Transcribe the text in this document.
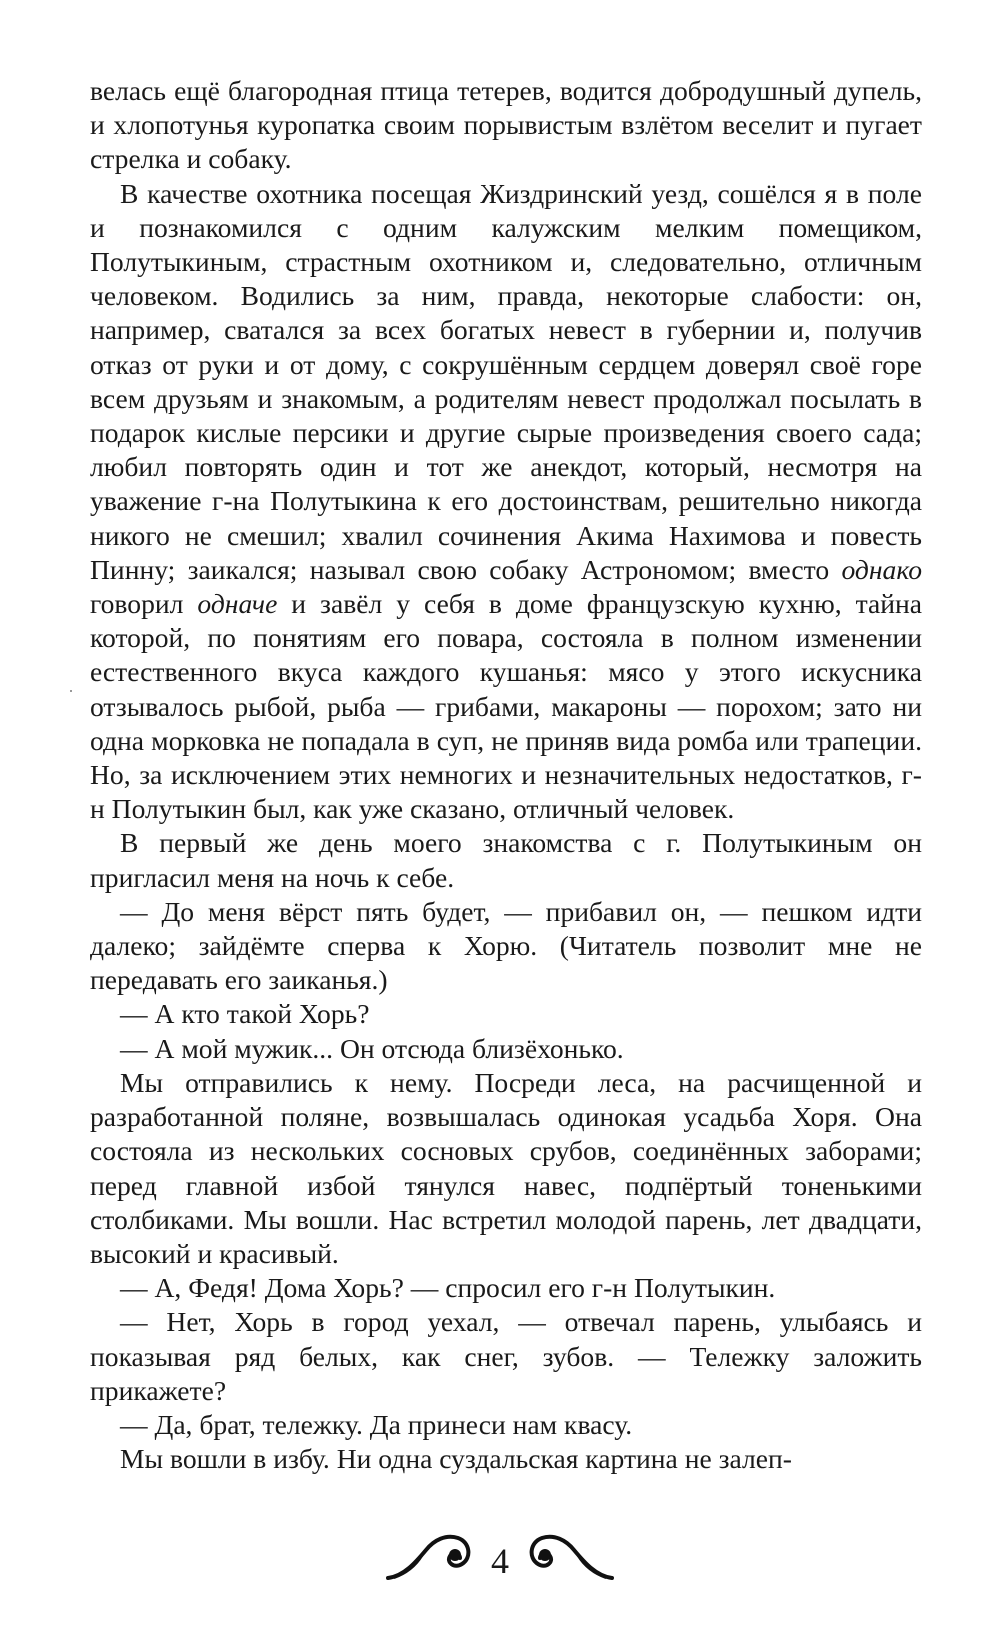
велась ещё благородная птица тетерев, водится добродушный дупель, и хлопотунья куропатка своим порывистым взлётом веселит и пугает стрелка и собаку.

В качестве охотника посещая Жиздринский уезд, сошёлся я в поле и познакомился с одним калужским мелким помещиком, Полутыкиным, страстным охотником и, следовательно, отличным человеком. Водились за ним, правда, некоторые слабости: он, например, сватался за всех богатых невест в губернии и, получив отказ от руки и от дому, с сокрушённым сердцем доверял своё горе всем друзьям и знакомым, а родителям невест продолжал посылать в подарок кислые персики и другие сырые произведения своего сада; любил повторять один и тот же анекдот, который, несмотря на уважение г-на Полутыкина к его достоинствам, решительно никогда никого не смешил; хвалил сочинения Акима Нахимова и повесть Пинну; заикался; называл свою собаку Астрономом; вместо однако говорил одначе и завёл у себя в доме французскую кухню, тайна которой, по понятиям его повара, состояла в полном изменении естественного вкуса каждого кушанья: мясо у этого искусника отзывалось рыбой, рыба — грибами, макароны — порохом; зато ни одна морковка не попадала в суп, не приняв вида ромба или трапеции. Но, за исключением этих немногих и незначительных недостатков, г-н Полутыкин был, как уже сказано, отличный человек.

В первый же день моего знакомства с г. Полутыкиным он пригласил меня на ночь к себе.

— До меня вёрст пять будет, — прибавил он, — пешком идти далеко; зайдёмте сперва к Хорю. (Читатель позволит мне не передавать его заиканья.)

— А кто такой Хорь?

— А мой мужик... Он отсюда близёхонько.

Мы отправились к нему. Посреди леса, на расчищенной и разработанной поляне, возвышалась одинокая усадьба Хоря. Она состояла из нескольких сосновых срубов, соединённых заборами; перед главной избой тянулся навес, подпёртый тоненькими столбиками. Мы вошли. Нас встретил молодой парень, лет двадцати, высокий и красивый.

— А, Федя! Дома Хорь? — спросил его г-н Полутыкин.

— Нет, Хорь в город уехал, — отвечал парень, улыбаясь и показывая ряд белых, как снег, зубов. — Тележку заложить прикажете?

— Да, брат, тележку. Да принеси нам квасу.

Мы вошли в избу. Ни одна суздальская картина не залеп-

4
